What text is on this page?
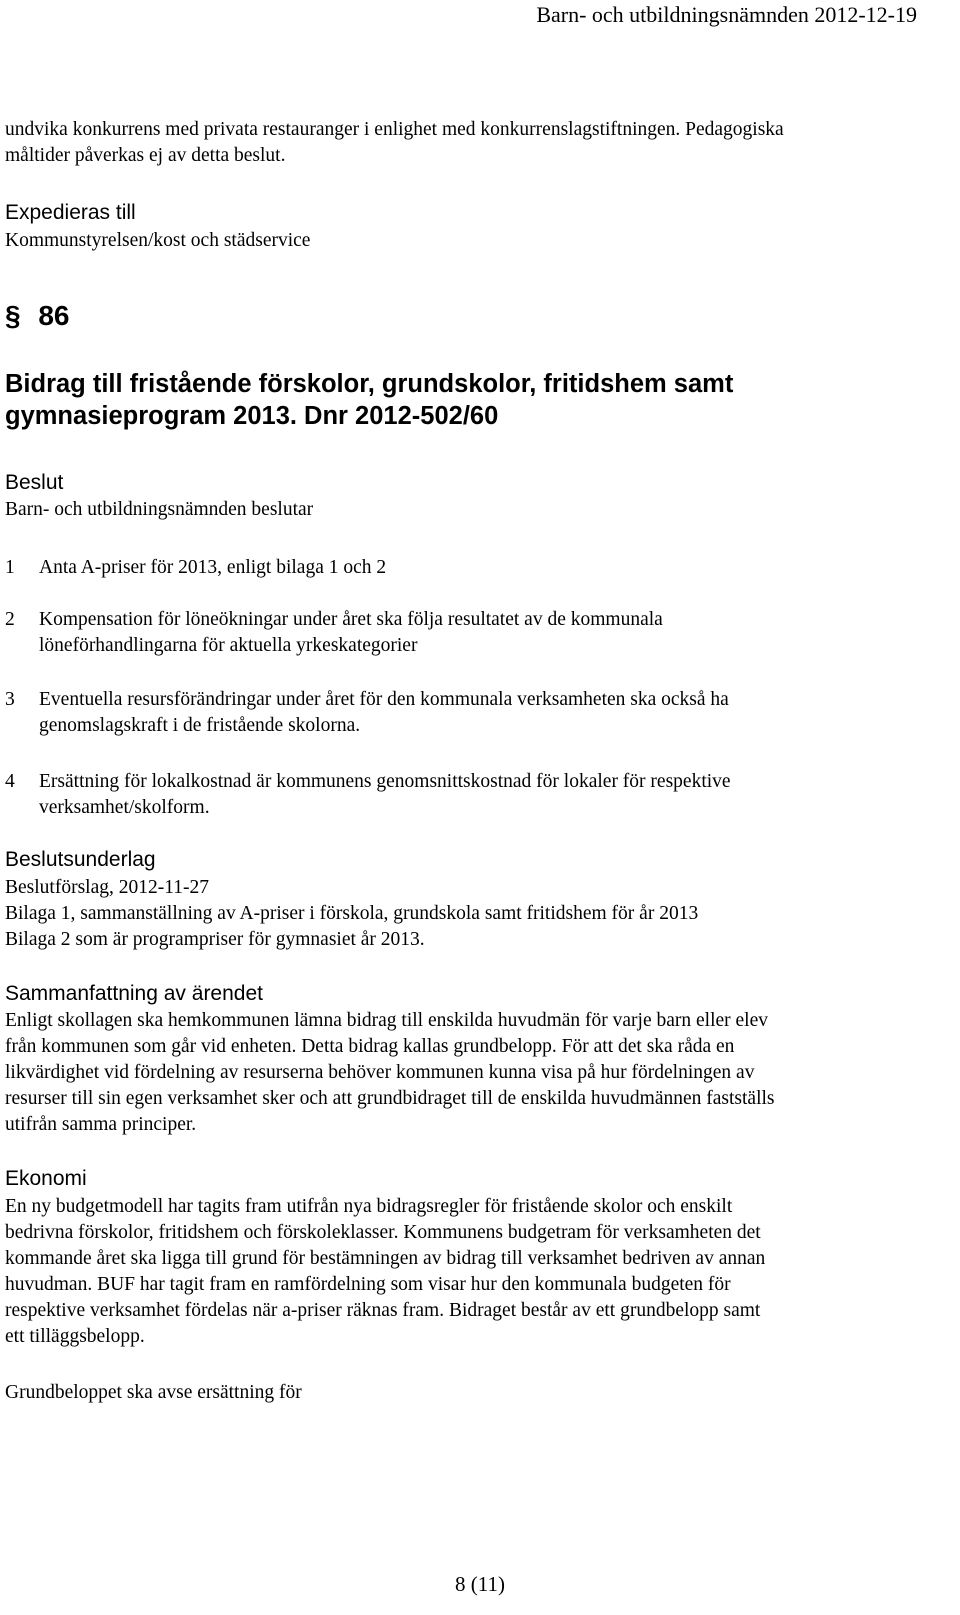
Barn- och utbildningsnämnden 2012-12-19
undvika konkurrens med privata restauranger i enlighet med konkurrenslagstiftningen. Pedagogiska
måltider påverkas ej av detta beslut.
Expedieras till
Kommunstyrelsen/kost och städservice
§ 86
Bidrag till fristående förskolor, grundskolor, fritidshem samt
gymnasieprogram 2013. Dnr 2012-502/60
Beslut
Barn- och utbildningsnämnden beslutar
1 Anta A-priser för 2013, enligt bilaga 1 och 2
2 Kompensation för löneökningar under året ska följa resultatet av de kommunala
löneförhandlingarna för aktuella yrkeskategorier
3 Eventuella resursförändringar under året för den kommunala verksamheten ska också ha
genomslagskraft i de fristående skolorna.
4 Ersättning för lokalkostnad är kommunens genomsnittskostnad för lokaler för respektive
verksamhet/skolform.
Beslutsunderlag
Beslutförslag, 2012-11-27
Bilaga 1, sammanställning av A-priser i förskola, grundskola samt fritidshem för år 2013
Bilaga 2 som är programpriser för gymnasiet år 2013.
Sammanfattning av ärendet
Enligt skollagen ska hemkommunen lämna bidrag till enskilda huvudmän för varje barn eller elev
från kommunen som går vid enheten. Detta bidrag kallas grundbelopp. För att det ska råda en
likvärdighet vid fördelning av resurserna behöver kommunen kunna visa på hur fördelningen av
resurser till sin egen verksamhet sker och att grundbidraget till de enskilda huvudmännen fastställs
utifrån samma principer.
Ekonomi
En ny budgetmodell har tagits fram utifrån nya bidragsregler för fristående skolor och enskilt
bedrivna förskolor, fritidshem och förskoleklasser. Kommunens budgetram för verksamheten det
kommande året ska ligga till grund för bestämningen av bidrag till verksamhet bedriven av annan
huvudman. BUF har tagit fram en ramfördelning som visar hur den kommunala budgeten för
respektive verksamhet fördelas när a-priser räknas fram. Bidraget består av ett grundbelopp samt
ett tilläggsbelopp.
Grundbeloppet ska avse ersättning för
8 (11)
